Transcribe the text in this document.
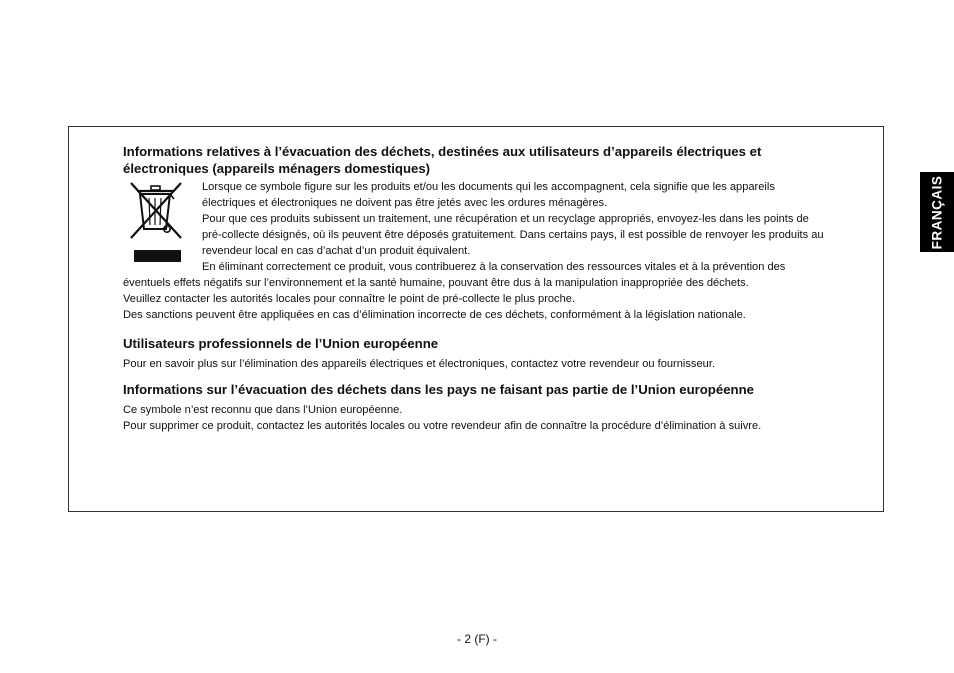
Informations relatives à l’évacuation des déchets, destinées aux utilisateurs d’appareils électriques et électroniques (appareils ménagers domestiques)

Lorsque ce symbole figure sur les produits et/ou les documents qui les accompagnent, cela signifie que les appareils électriques et électroniques ne doivent pas être jetés avec les ordures ménagères.

Pour que ces produits subissent un traitement, une récupération et un recyclage appropriés, envoyez-les dans les points de pré-collecte désignés, où ils peuvent être déposés gratuitement. Dans certains pays, il est possible de renvoyer les produits au revendeur local en cas d’achat d’un produit équivalent.

En éliminant correctement ce produit, vous contribuerez à la conservation des ressources vitales et à la prévention des éventuels effets négatifs sur l’environnement et la santé humaine, pouvant être dus à la manipulation inappropriée des déchets.

Veuillez contacter les autorités locales pour connaître le point de pré-collecte le plus proche.

Des sanctions peuvent être appliquées en cas d’élimination incorrecte de ces déchets, conformément à la législation nationale.

Utilisateurs professionnels de l’Union européenne

Pour en savoir plus sur l’élimination des appareils électriques et électroniques, contactez votre revendeur ou fournisseur.

Informations sur l’évacuation des déchets dans les pays ne faisant pas partie de l’Union européenne

Ce symbole n’est reconnu que dans l’Union européenne.

Pour supprimer ce produit, contactez les autorités locales ou votre revendeur afin de connaître la procédure d’élimination à suivre.

FRANÇAIS
- 2 (F) -
